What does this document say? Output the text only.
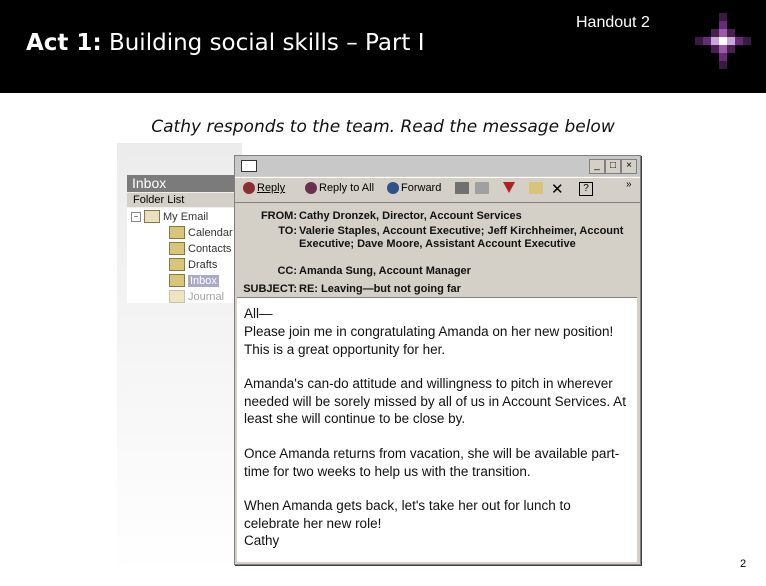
Act 1: Building social skills – Part I
Handout 2
Cathy responds to the team. Read the message below
Inbox
Folder List
− My Email
Calendar
Contacts
Drafts
Inbox
Journal
_	□	×
Reply	Reply to All Forward	✕	?	»
FROM: Cathy Dronzek, Director, Account Services
TO: Valerie Staples, Account Executive; Jeff Kirchheimer, Account Executive; Dave Moore, Assistant Account Executive
CC: Amanda Sung, Account Manager
SUBJECT: RE: Leaving—but not going far

All—

Please join me in congratulating Amanda on her new position! This is a great opportunity for her.

Amanda's can-do attitude and willingness to pitch in wherever needed will be sorely missed by all of us in Account Services. At least she will continue to be close by.

Once Amanda returns from vacation, she will be available part-time for two weeks to help us with the transition.

When Amanda gets back, let's take her out for lunch to celebrate her new role!

Cathy

2
